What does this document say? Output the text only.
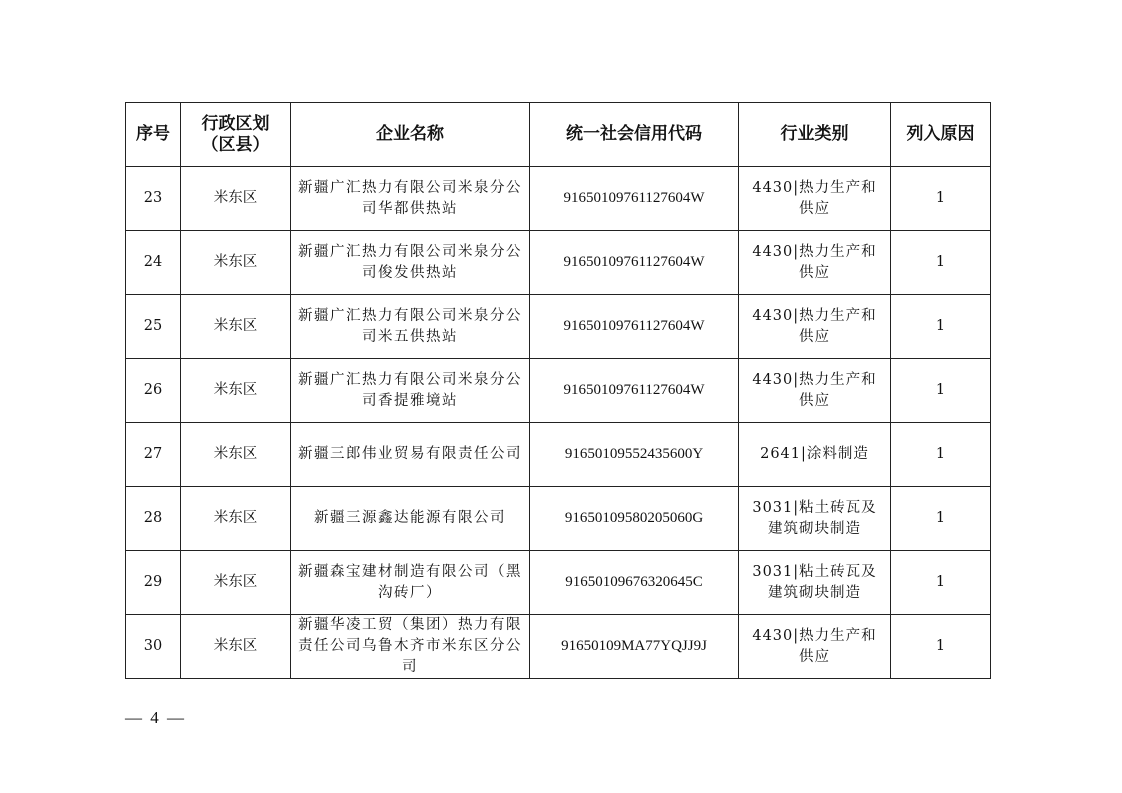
序号	行政区划（区县）	企业名称	统一社会信用代码	行业类别	列入原因
23	米东区	新疆广汇热力有限公司米泉分公司华都供热站	91650109761127604W	4430|热力生产和供应	1
24	米东区	新疆广汇热力有限公司米泉分公司俊发供热站	91650109761127604W	4430|热力生产和供应	1
25	米东区	新疆广汇热力有限公司米泉分公司米五供热站	91650109761127604W	4430|热力生产和供应	1
26	米东区	新疆广汇热力有限公司米泉分公司香提雅境站	91650109761127604W	4430|热力生产和供应	1
27	米东区	新疆三郎伟业贸易有限责任公司	91650109552435600Y	2641|涂料制造	1
28	米东区	新疆三源鑫达能源有限公司	91650109580205060G	3031|粘土砖瓦及建筑砌块制造	1
29	米东区	新疆森宝建材制造有限公司（黑沟砖厂）	91650109676320645C	3031|粘土砖瓦及建筑砌块制造	1
30	米东区	新疆华凌工贸（集团）热力有限责任公司乌鲁木齐市米东区分公司	91650109MA77YQJJ9J	4430|热力生产和供应	1
— 4 —
